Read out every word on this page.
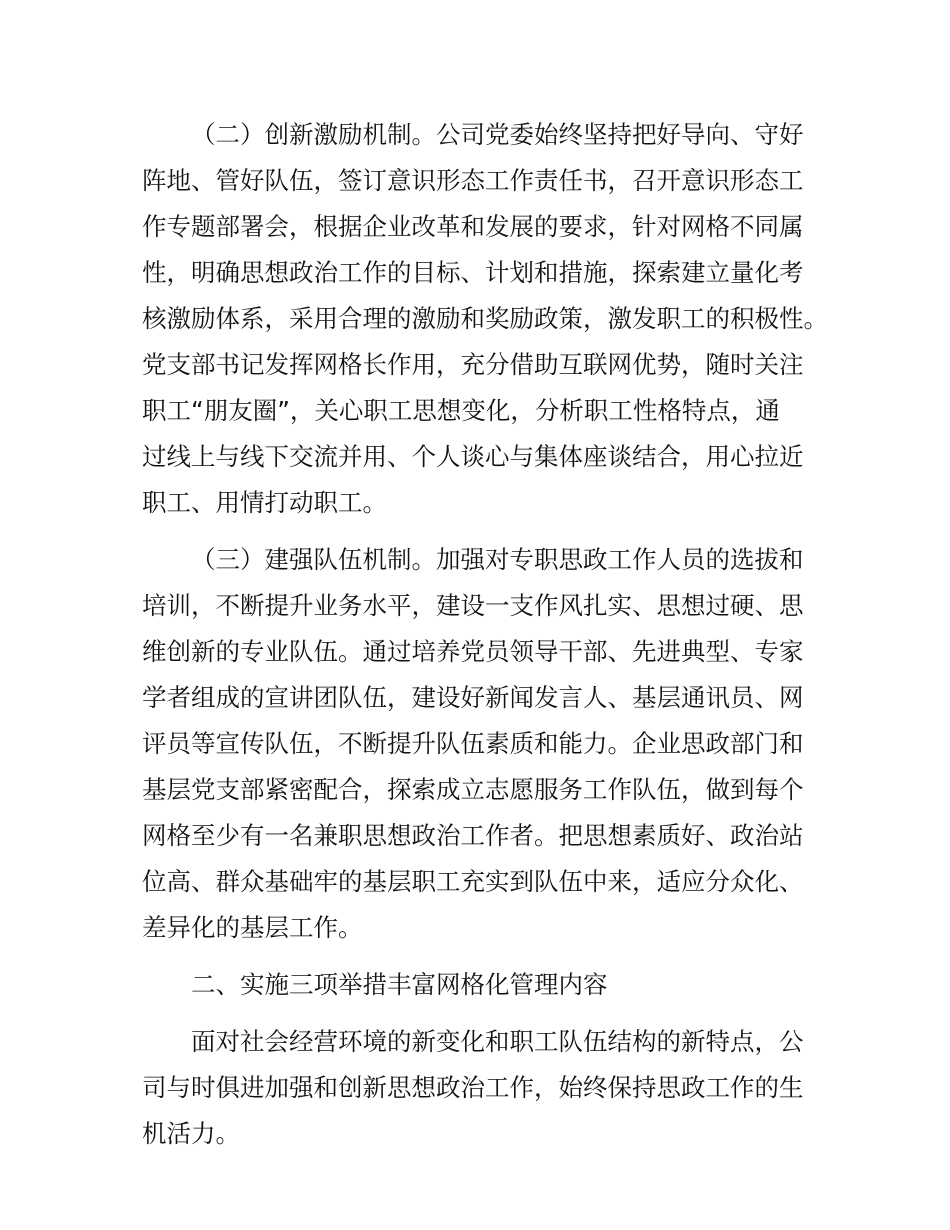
（二）创新激励机制。公司党委始终坚持把好导向、守好
阵地、管好队伍，签订意识形态工作责任书，召开意识形态工
作专题部署会，根据企业改革和发展的要求，针对网格不同属
性，明确思想政治工作的目标、计划和措施，探索建立量化考
核激励体系，采用合理的激励和奖励政策，激发职工的积极性。
党支部书记发挥网格长作用，充分借助互联网优势，随时关注
职工“朋友圈”，关心职工思想变化，分析职工性格特点，通
过线上与线下交流并用、个人谈心与集体座谈结合，用心拉近
职工、用情打动职工。
（三）建强队伍机制。加强对专职思政工作人员的选拔和
培训，不断提升业务水平，建设一支作风扎实、思想过硬、思
维创新的专业队伍。通过培养党员领导干部、先进典型、专家
学者组成的宣讲团队伍，建设好新闻发言人、基层通讯员、网
评员等宣传队伍，不断提升队伍素质和能力。企业思政部门和
基层党支部紧密配合，探索成立志愿服务工作队伍，做到每个
网格至少有一名兼职思想政治工作者。把思想素质好、政治站
位高、群众基础牢的基层职工充实到队伍中来，适应分众化、
差异化的基层工作。
二、实施三项举措丰富网格化管理内容
面对社会经营环境的新变化和职工队伍结构的新特点，公
司与时俱进加强和创新思想政治工作，始终保持思政工作的生
机活力。
